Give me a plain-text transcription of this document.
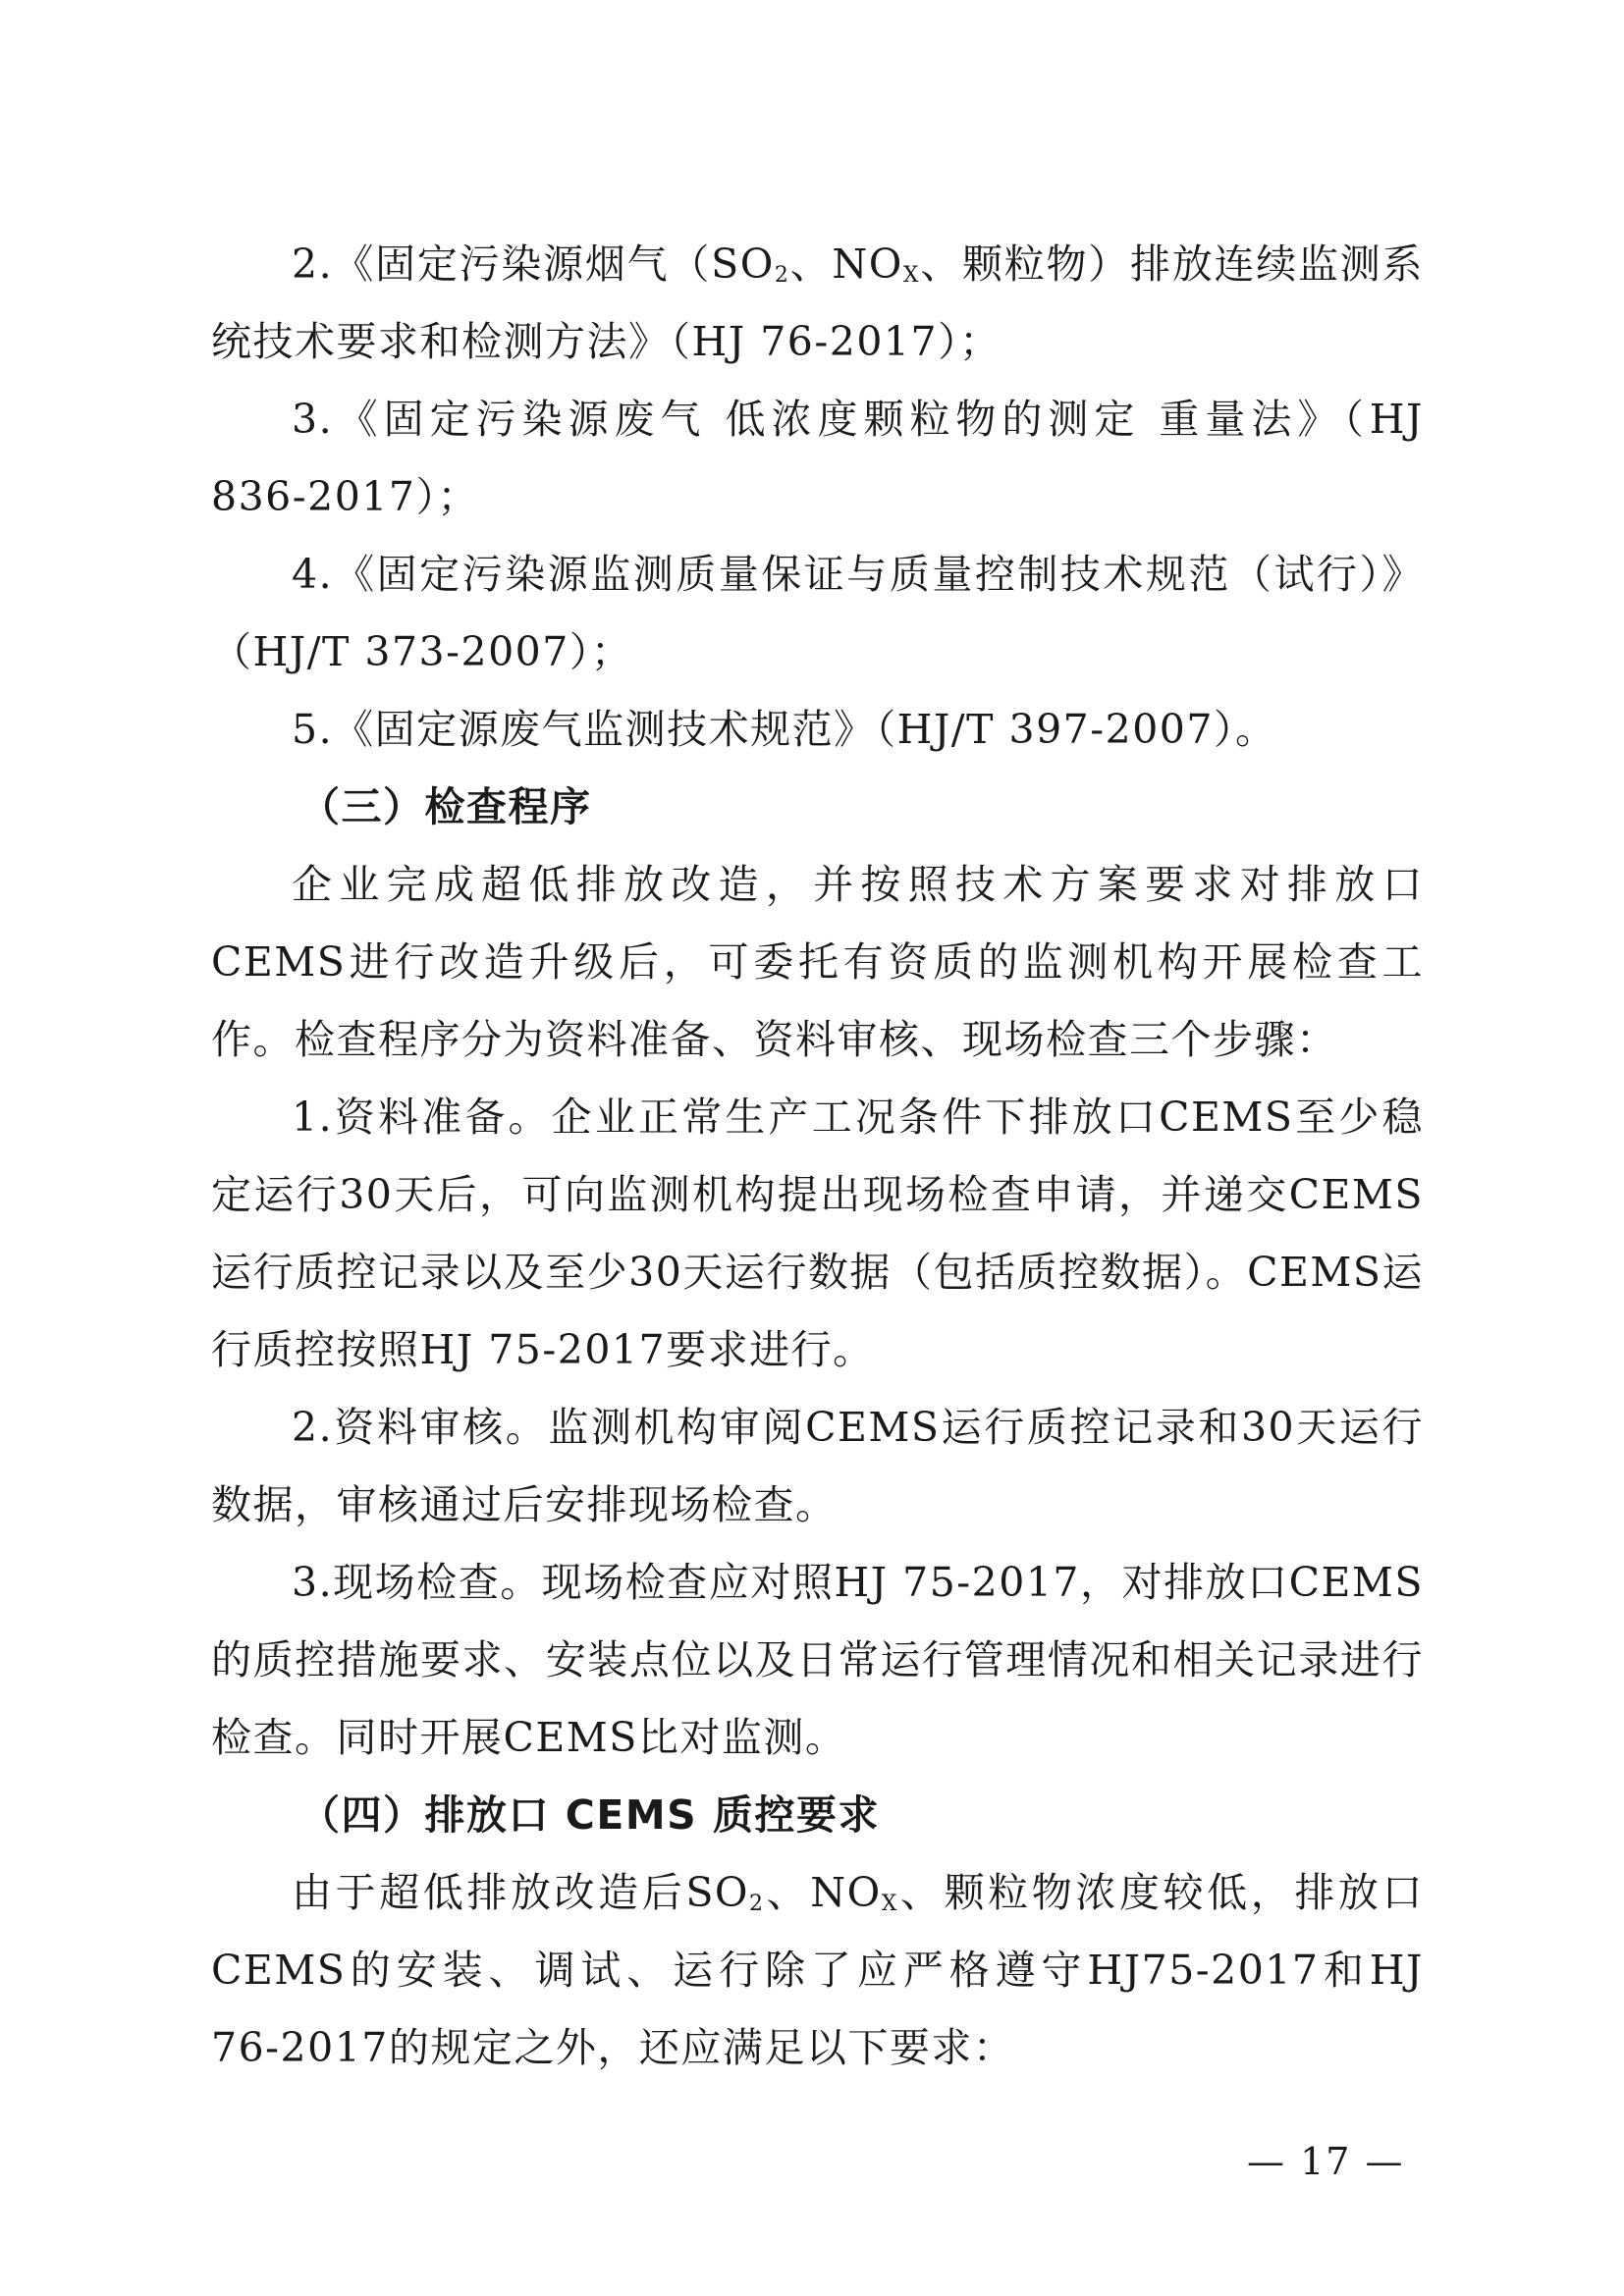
2.《固定污染源烟气（$SO_2$、$NO_X$、颗粒物）排放连续监测系统技术要求和检测方法》（HJ 76-2017）；

3.《固定污染源废气 低浓度颗粒物的测定 重量法》（HJ 836-2017）；

4.《固定污染源监测质量保证与质量控制技术规范（试行）》（HJ/T 373-2007）；

5.《固定源废气监测技术规范》（HJ/T 397-2007）。

（三）检查程序

企业完成超低排放改造，并按照技术方案要求对排放口CEMS进行改造升级后，可委托有资质的监测机构开展检查工作。检查程序分为资料准备、资料审核、现场检查三个步骤：

1.资料准备。企业正常生产工况条件下排放口CEMS至少稳定运行30天后，可向监测机构提出现场检查申请，并递交CEMS运行质控记录以及至少30天运行数据（包括质控数据）。CEMS运行质控按照HJ 75-2017要求进行。

2.资料审核。监测机构审阅CEMS运行质控记录和30天运行数据，审核通过后安排现场检查。

3.现场检查。现场检查应对照HJ 75-2017，对排放口CEMS的质控措施要求、安装点位以及日常运行管理情况和相关记录进行检查。同时开展CEMS比对监测。

（四）排放口 CEMS 质控要求

由于超低排放改造后$SO_2$、$NO_X$、颗粒物浓度较低，排放口CEMS的安装、调试、运行除了应严格遵守HJ75-2017和HJ 76-2017的规定之外，还应满足以下要求：

— 17 —
